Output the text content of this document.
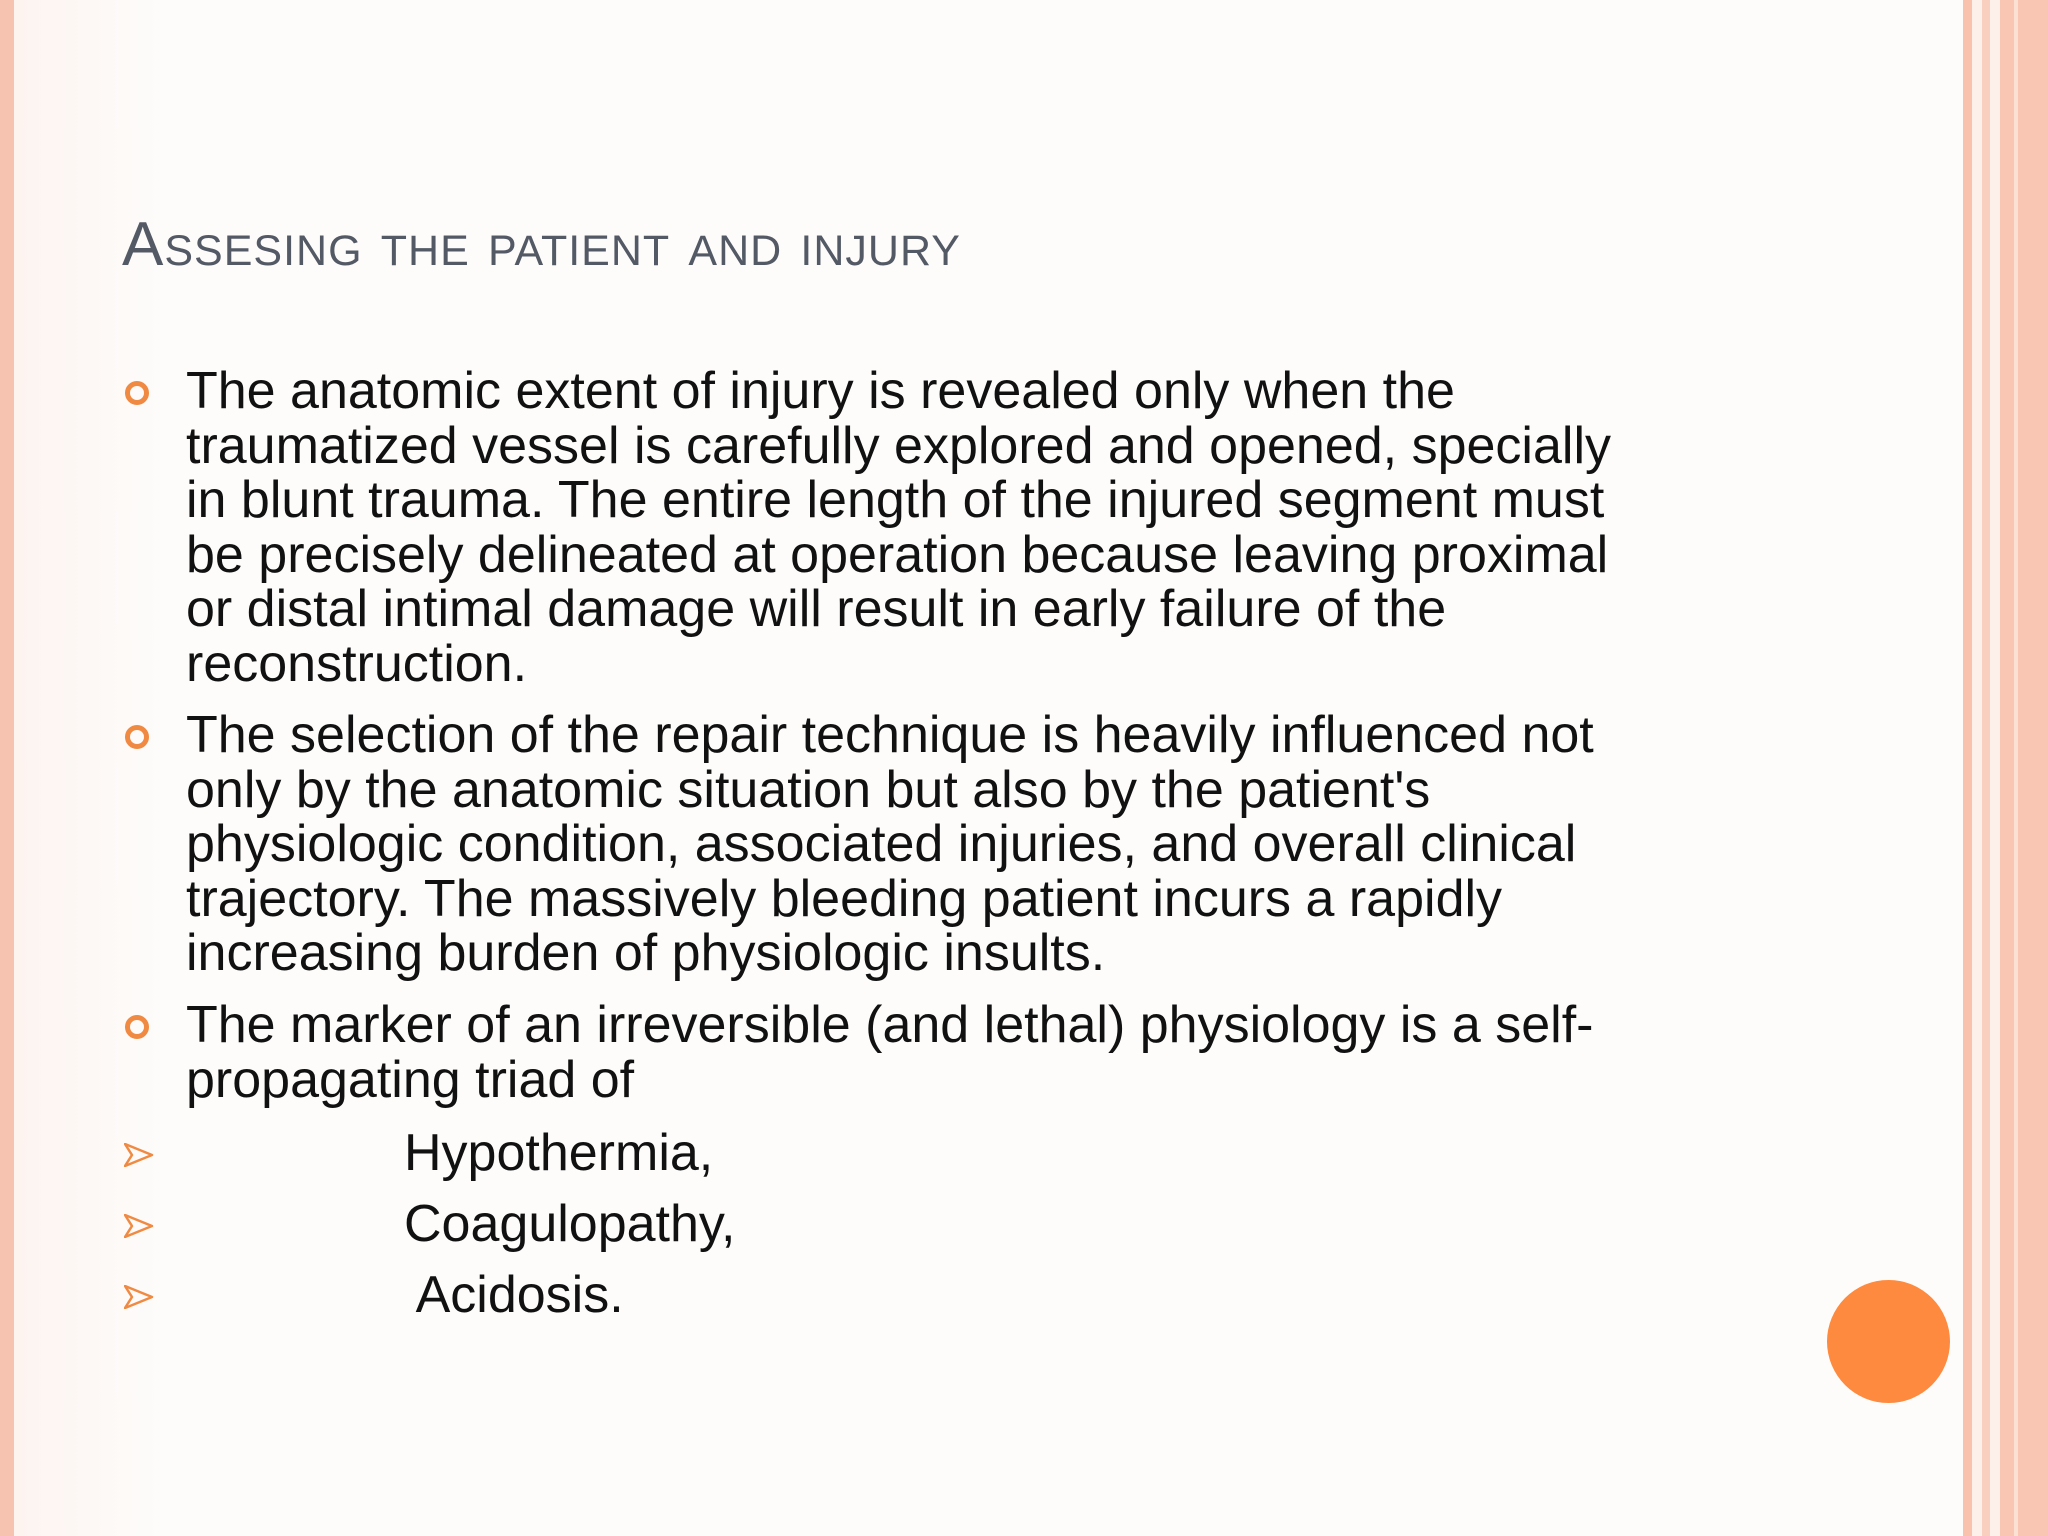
Assesing the patient and injury
The anatomic extent of injury is revealed only when the
traumatized vessel is carefully explored and opened, specially
in blunt trauma. The entire length of the injured segment must
be precisely delineated at operation because leaving proximal
or distal intimal damage will result in early failure of the
reconstruction.
The selection of the repair technique is heavily influenced not
only by the anatomic situation but also by the patient's
physiologic condition, associated injuries, and overall clinical
trajectory. The massively bleeding patient incurs a rapidly
increasing burden of physiologic insults.
The marker of an irreversible (and lethal) physiology is a self-
propagating triad of
Hypothermia,
Coagulopathy,
Acidosis.
